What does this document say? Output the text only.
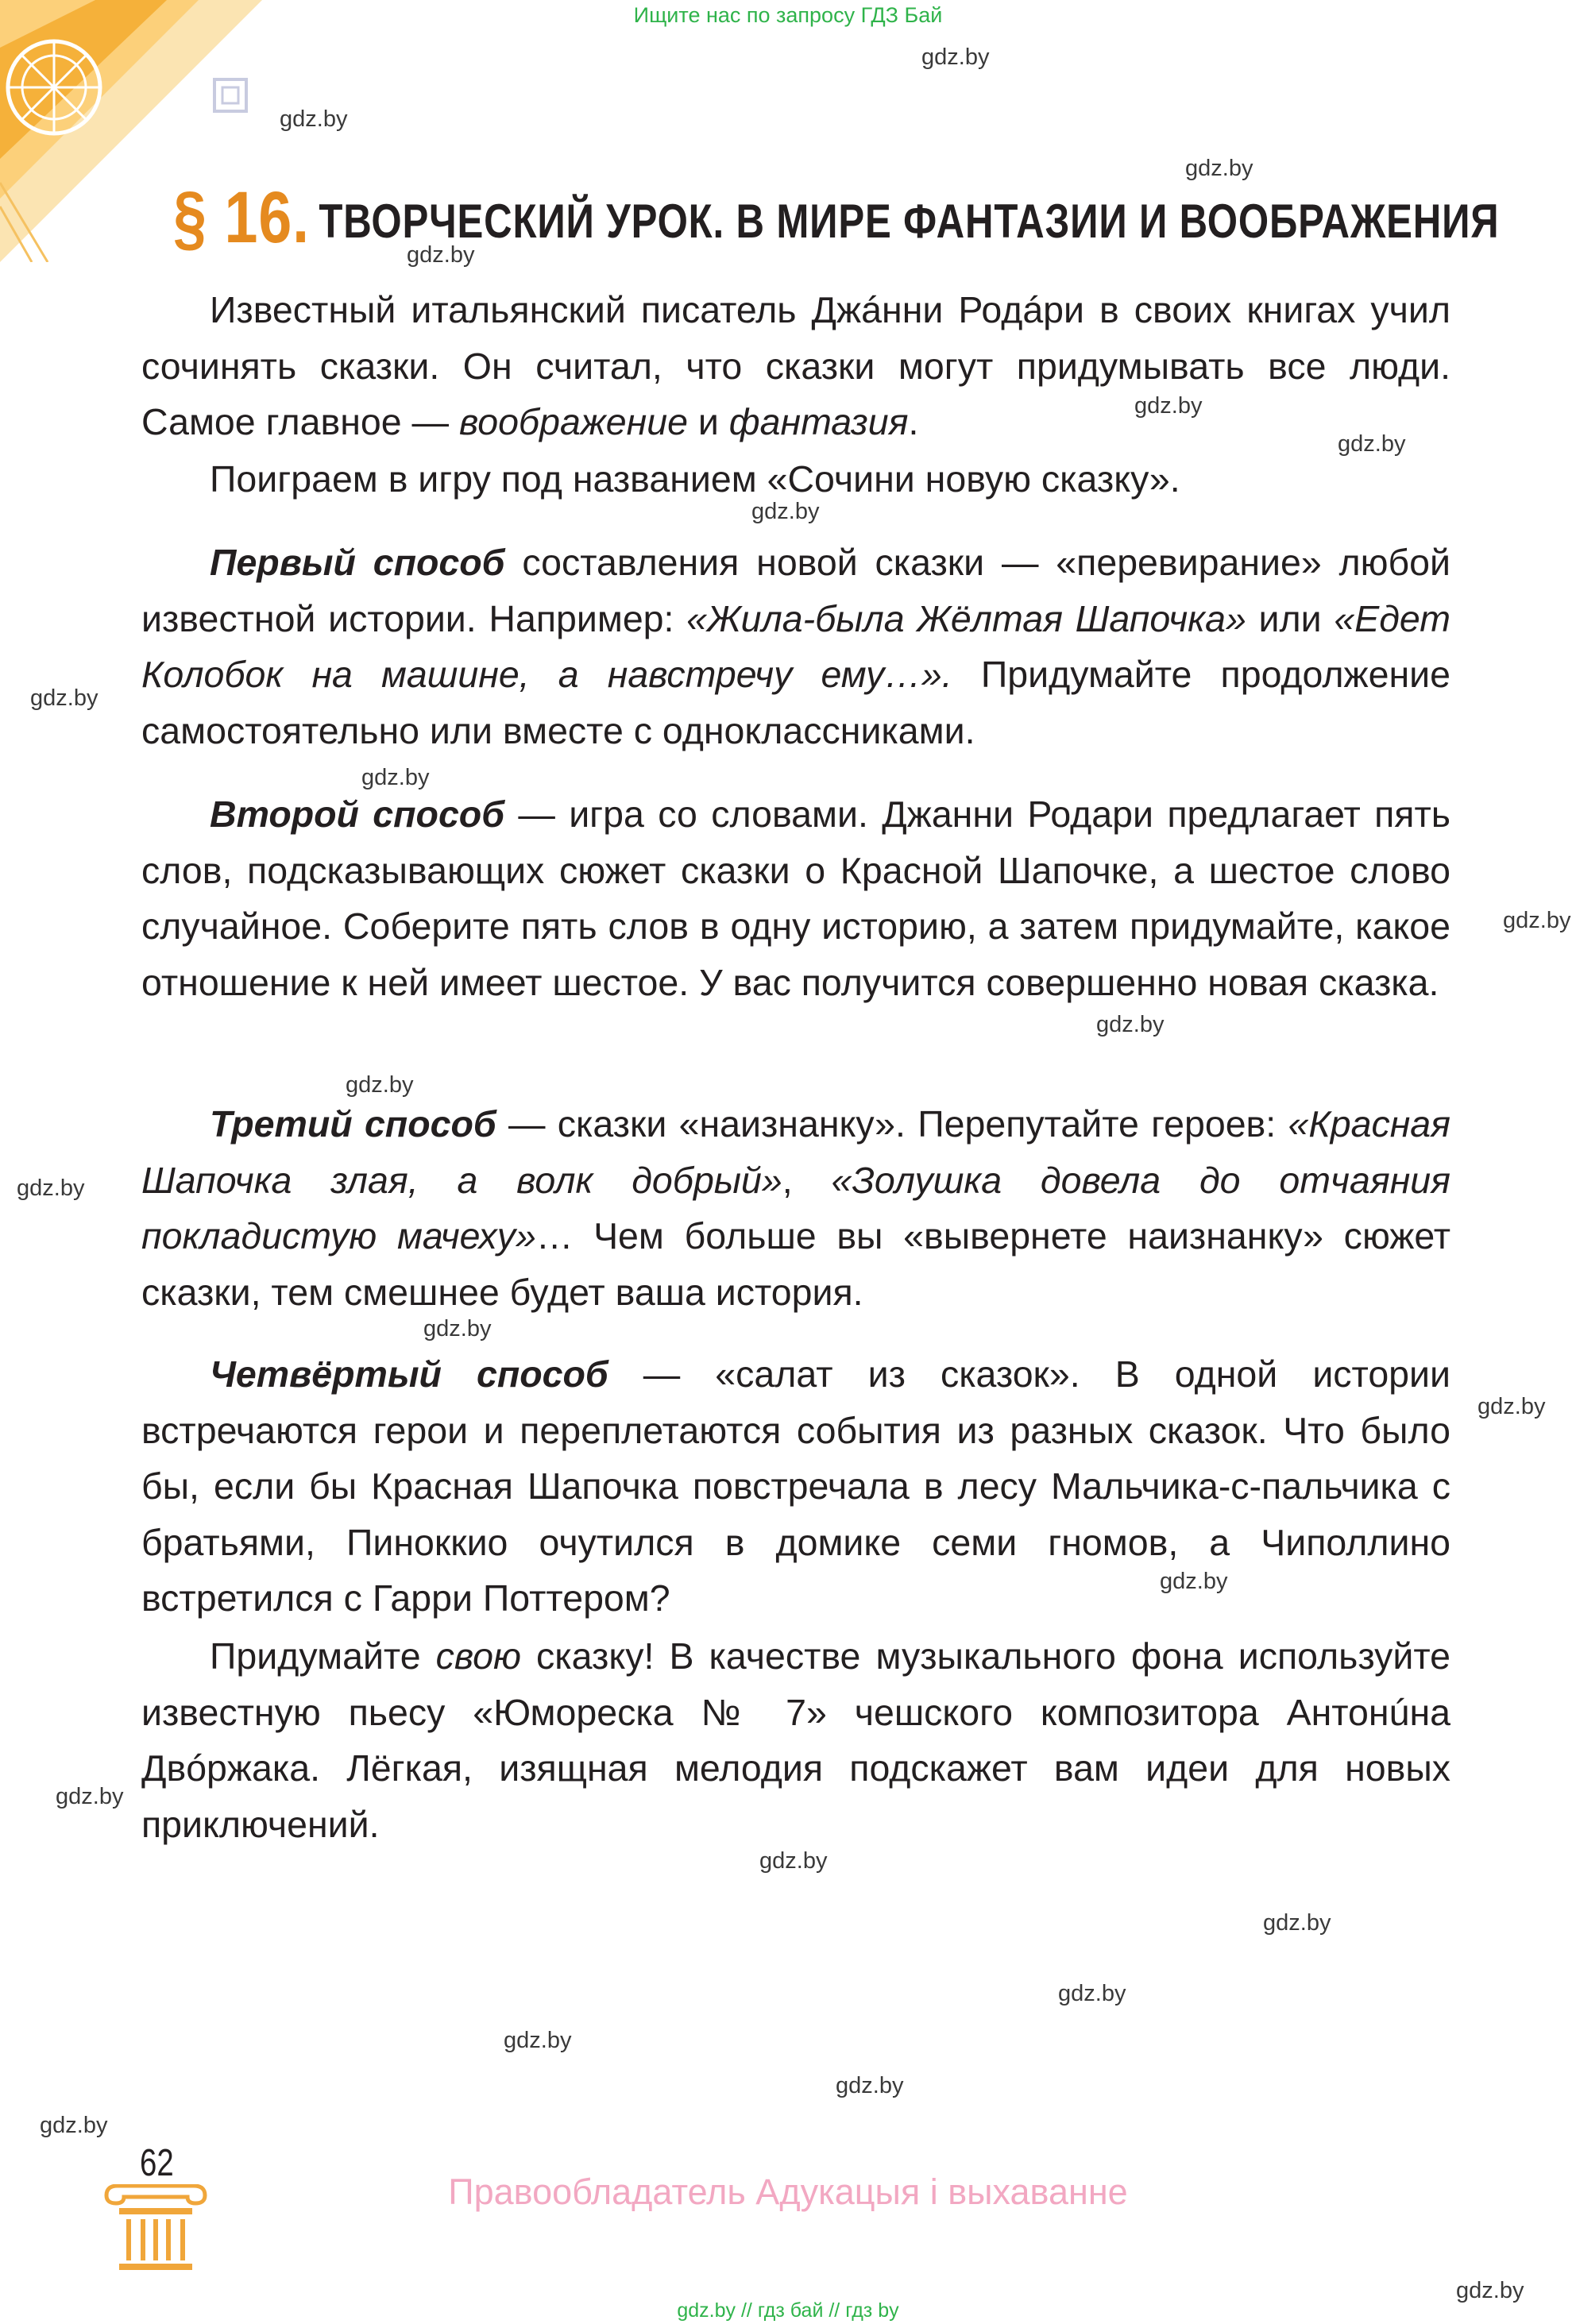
Ищите нас по запросу ГДЗ Бай
§ 16. ТВОРЧЕСКИЙ УРОК. В МИРЕ ФАНТАЗИИ И ВООБРАЖЕНИЯ

Известный итальянский писатель Джáнни Родáри в своих книгах учил сочинять сказки. Он считал, что сказки могут придумывать все люди. Самое главное — воображение и фантазия.

Поиграем в игру под названием «Сочини новую сказку».

Первый способ составления новой сказки — «перевирание» любой известной истории. Например: «Жила-была Жёлтая Шапочка» или «Едет Колобок на машине, а навстречу ему…». Придумайте продолжение самостоятельно или вместе с одноклассниками.

Второй способ — игра со словами. Джанни Родари предлагает пять слов, подсказывающих сюжет сказки о Красной Шапочке, а шестое слово случайное. Соберите пять слов в одну историю, а затем придумайте, какое отношение к ней имеет шестое. У вас получится совершенно новая сказка.

Третий способ — сказки «наизнанку». Перепутайте героев: «Красная Шапочка злая, а волк добрый», «Золушка довела до отчаяния покладистую мачеху»… Чем больше вы «вывернете наизнанку» сюжет сказки, тем смешнее будет ваша история.

Четвёртый способ — «салат из сказок». В одной истории встречаются герои и переплетаются события из разных сказок. Что было бы, если бы Красная Шапочка повстречала в лесу Мальчика-с-пальчика с братьями, Пиноккио очутился в домике семи гномов, а Чиполлино встретился с Гарри Поттером?

Придумайте свою сказку! В качестве музыкального фона используйте известную пьесу «Юмореска № 7» чешского композитора Антонúна Двóржака. Лёгкая, изящная мелодия подскажет вам идеи для новых приключений.

gdz.by
gdz.by
gdz.by
gdz.by
gdz.by
gdz.by
gdz.by
gdz.by
gdz.by
gdz.by
gdz.by
gdz.by
gdz.by
gdz.by
gdz.by
gdz.by
gdz.by
gdz.by
gdz.by
gdz.by
gdz.by
gdz.by
gdz.by
gdz.by
62
Правообладатель Адукацыя і выхаванне
gdz.by // гдз бай // гдз by
